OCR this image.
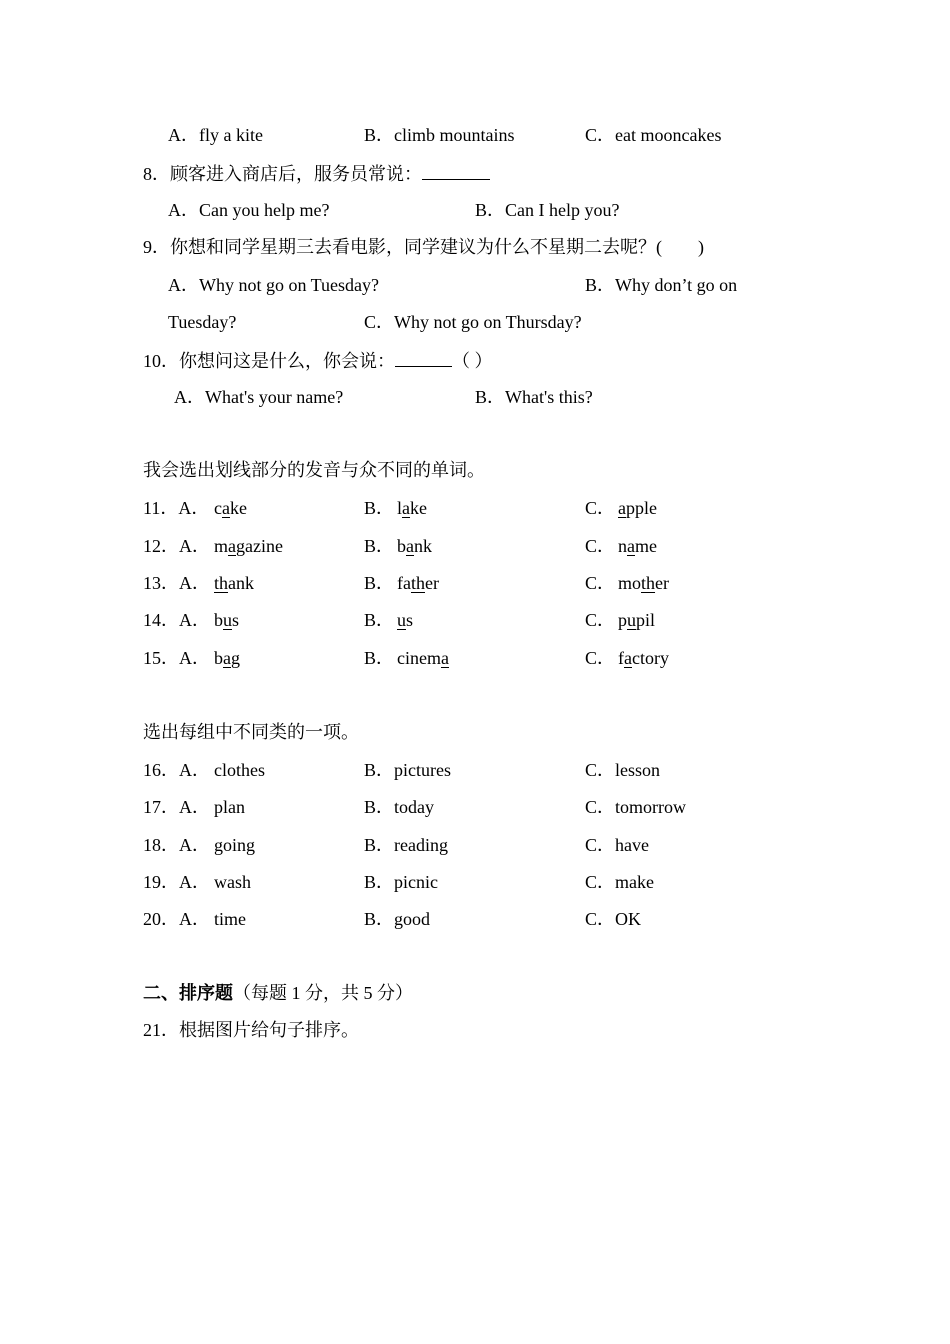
A．fly a kite	B．climb mountains	C．eat mooncakes
8．顾客进入商店后，服务员常说：
A．Can you help me?	B．Can I help you?
9．你想和同学星期三去看电影，同学建议为什么不星期二去呢？(　　)
A．Why not go on Tuesday?	B．Why don’t go on
Tuesday?	C．Why not go on Thursday?
10．你想问这是什么，你会说：	（ ）
A．What's your name?	B．What's this?
我会选出划线部分的发音与众不同的单词。
11．A． cake	B． lake	C． apple
12．A． magazine	B． bank	C． name
13．A． thank	B． father	C． mother
14．A． bus	B． us	C． pupil
15．A． bag	B． cinema	C． factory
选出每组中不同类的一项。
16．A． clothes	B．pictures	C．lesson
17．A． plan	B．today	C．tomorrow
18．A． going	B．reading	C．have
19．A． wash	B．picnic	C．make
20．A． time	B．good	C．OK
二、排序题（每题 1 分，共 5 分）
21．根据图片给句子排序。
